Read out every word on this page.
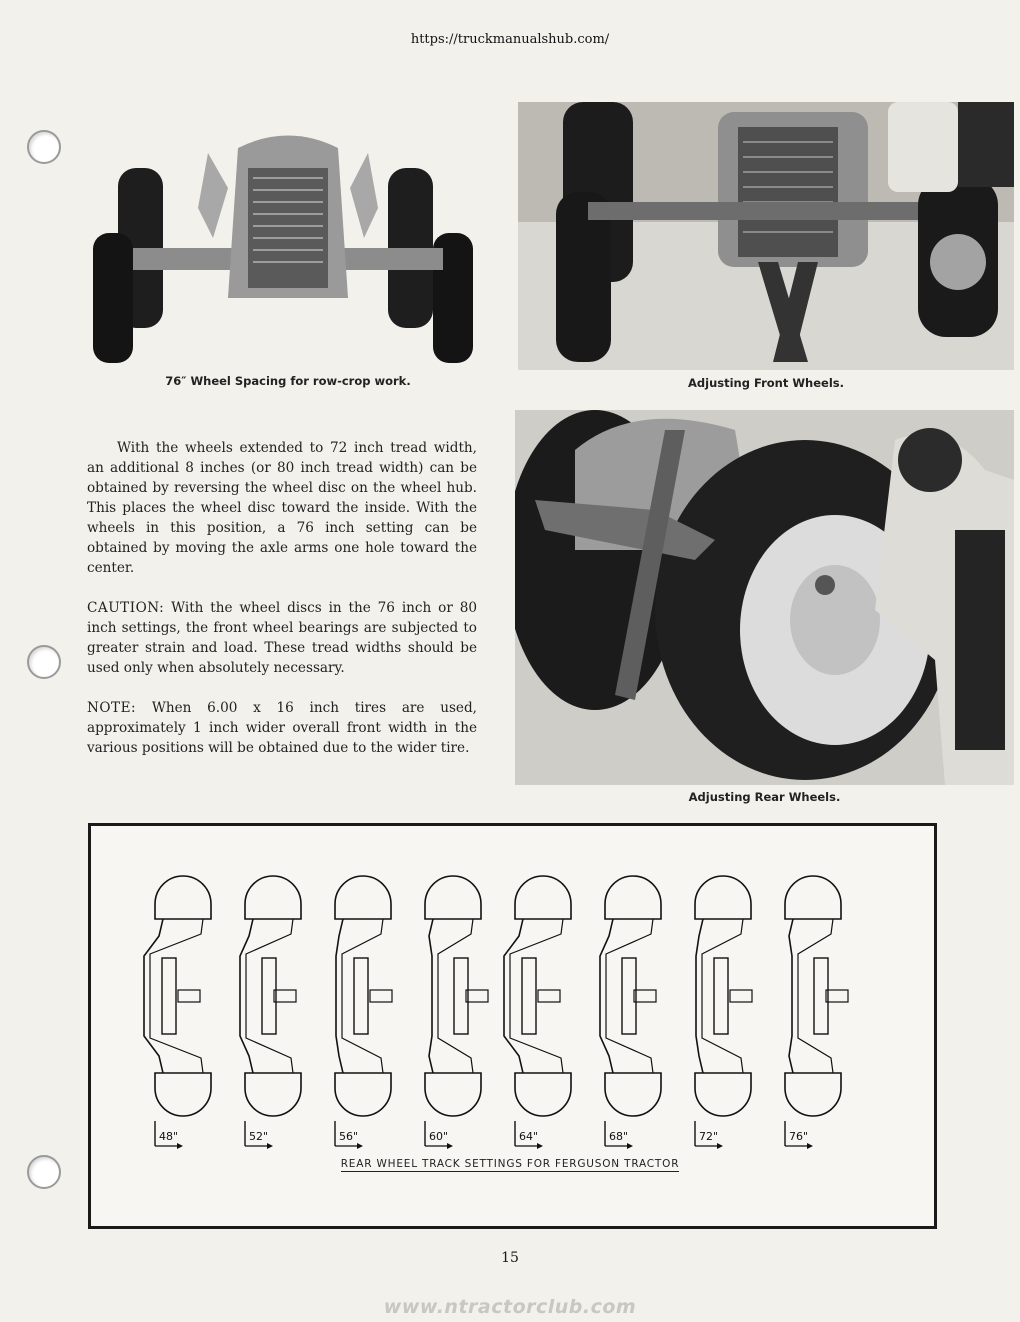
https://truckmanualshub.com/
76″ Wheel Spacing for row-crop work.	Adjusting Front Wheels.
Adjusting Rear Wheels.
With the wheels extended to 72 inch tread width, an additional 8 inches (or 80 inch tread width) can be obtained by reversing the wheel disc on the wheel hub. This places the wheel disc toward the inside. With the wheels in this position, a 76 inch setting can be obtained by moving the axle arms one hole toward the center.
CAUTION: With the wheel discs in the 76 inch or 80 inch settings, the front wheel bearings are subjected to greater strain and load. These tread widths should be used only when absolutely necessary.
NOTE: When 6.00 x 16 inch tires are used, approximately 1 inch wider overall front width in the various positions will be obtained due to the wider tire.
48"	52"	56"	60"	64"	68"	72"	76"
REAR WHEEL TRACK SETTINGS FOR FERGUSON TRACTOR
15
www.ntractorclub.com
